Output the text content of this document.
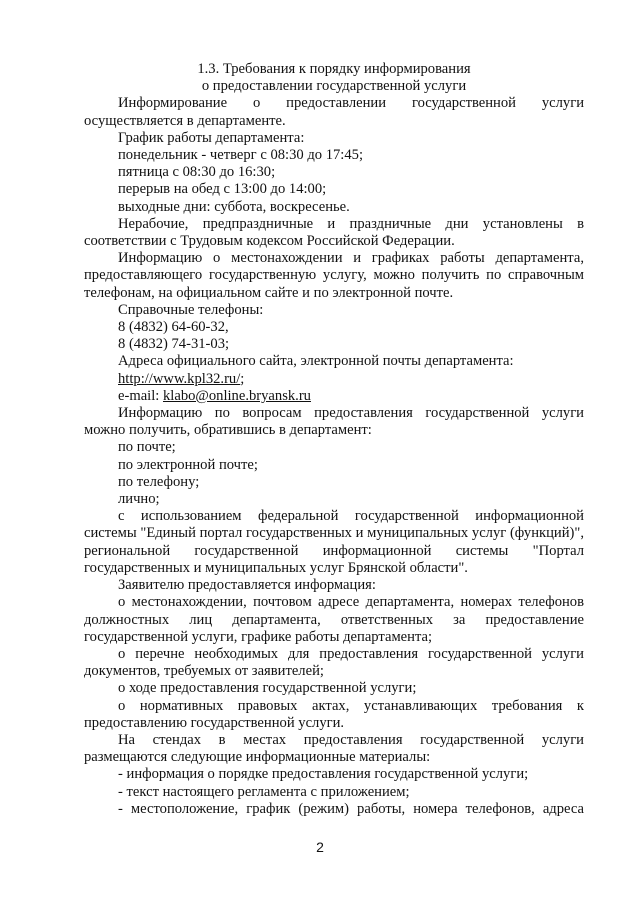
1.3. Требования к порядку информирования

о предоставлении государственной услуги

Информирование о предоставлении государственной услуги осуществляется в департаменте.

График работы департамента:

понедельник - четверг с 08:30 до 17:45;

пятница с 08:30 до 16:30;

перерыв на обед с 13:00 до 14:00;

выходные дни: суббота, воскресенье.

Нерабочие, предпраздничные и праздничные дни установлены в соответствии с Трудовым кодексом Российской Федерации.

Информацию о местонахождении и графиках работы департамента, предоставляющего государственную услугу, можно получить по справочным телефонам, на официальном сайте и по электронной почте.

Справочные телефоны:

8 (4832) 64-60-32,

8 (4832) 74-31-03;

Адреса официального сайта, электронной почты департамента:

http://www.kpl32.ru/;

e-mail: klabo@online.bryansk.ru

Информацию по вопросам предоставления государственной услуги можно получить, обратившись в департамент:

по почте;

по электронной почте;

по телефону;

лично;

с использованием федеральной государственной информационной системы "Единый портал государственных и муниципальных услуг (функций)", региональной государственной информационной системы "Портал государственных и муниципальных услуг Брянской области".

Заявителю предоставляется информация:

о местонахождении, почтовом адресе департамента, номерах телефонов должностных лиц департамента, ответственных за предоставление государственной услуги, графике работы департамента;

о перечне необходимых для предоставления государственной услуги документов, требуемых от заявителей;

о ходе предоставления государственной услуги;

о нормативных правовых актах, устанавливающих требования к предоставлению государственной услуги.

На стендах в местах предоставления государственной услуги размещаются следующие информационные материалы:

- информация о порядке предоставления государственной услуги;

- текст настоящего регламента с приложением;

- местоположение, график (режим) работы, номера телефонов, адреса

2
